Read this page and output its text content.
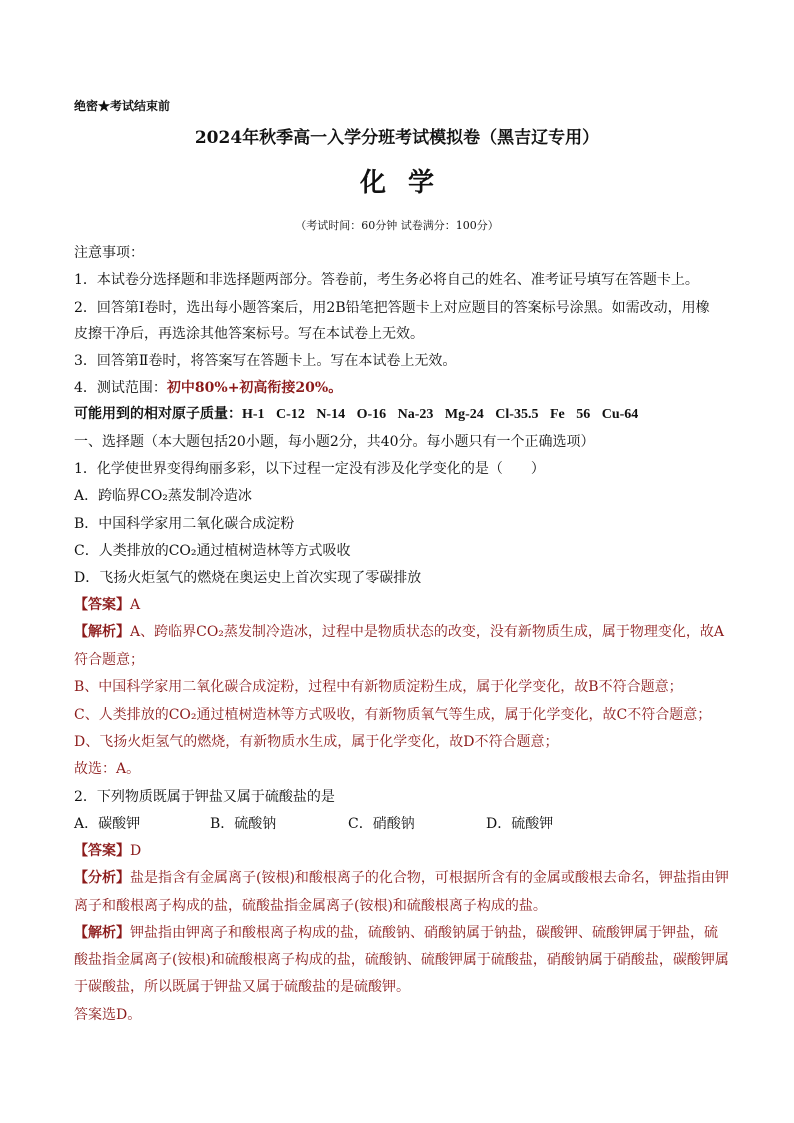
绝密★考试结束前
2024年秋季高一入学分班考试模拟卷（黑吉辽专用）
化学
（考试时间：60分钟 试卷满分：100分）
注意事项：
1．本试卷分选择题和非选择题两部分。答卷前，考生务必将自己的姓名、准考证号填写在答题卡上。
2．回答第Ⅰ卷时，选出每小题答案后，用2B铅笔把答题卡上对应题目的答案标号涂黑。如需改动，用橡
皮擦干净后，再选涂其他答案标号。写在本试卷上无效。
3．回答第Ⅱ卷时，将答案写在答题卡上。写在本试卷上无效。
4．测试范围：初中80%+初高衔接20%。
可能用到的相对原子质量：H-1 C-12 N-14 O-16 Na-23 Mg-24 Cl-35.5 Fe 56 Cu-64
一、选择题（本大题包括20小题，每小题2分，共40分。每小题只有一个正确选项）
1．化学使世界变得绚丽多彩，以下过程一定没有涉及化学变化的是（　　）
A．跨临界CO₂蒸发制冷造冰
B．中国科学家用二氧化碳合成淀粉
C．人类排放的CO₂通过植树造林等方式吸收
D．飞扬火炬氢气的燃烧在奥运史上首次实现了零碳排放
【答案】A
【解析】A、跨临界CO₂蒸发制冷造冰，过程中是物质状态的改变，没有新物质生成，属于物理变化，故A
符合题意；
B、中国科学家用二氧化碳合成淀粉，过程中有新物质淀粉生成，属于化学变化，故B不符合题意；
C、人类排放的CO₂通过植树造林等方式吸收，有新物质氧气等生成，属于化学变化，故C不符合题意；
D、飞扬火炬氢气的燃烧，有新物质水生成，属于化学变化，故D不符合题意；
故选：A。
2．下列物质既属于钾盐又属于硫酸盐的是
A．碳酸钾	B．硫酸钠	C．硝酸钠	D．硫酸钾
【答案】D
【分析】盐是指含有金属离子(铵根)和酸根离子的化合物，可根据所含有的金属或酸根去命名，钾盐指由钾
离子和酸根离子构成的盐，硫酸盐指金属离子(铵根)和硫酸根离子构成的盐。
【解析】钾盐指由钾离子和酸根离子构成的盐，硫酸钠、硝酸钠属于钠盐，碳酸钾、硫酸钾属于钾盐，硫
酸盐指金属离子(铵根)和硫酸根离子构成的盐，硫酸钠、硫酸钾属于硫酸盐，硝酸钠属于硝酸盐，碳酸钾属
于碳酸盐，所以既属于钾盐又属于硫酸盐的是硫酸钾。
答案选D。
